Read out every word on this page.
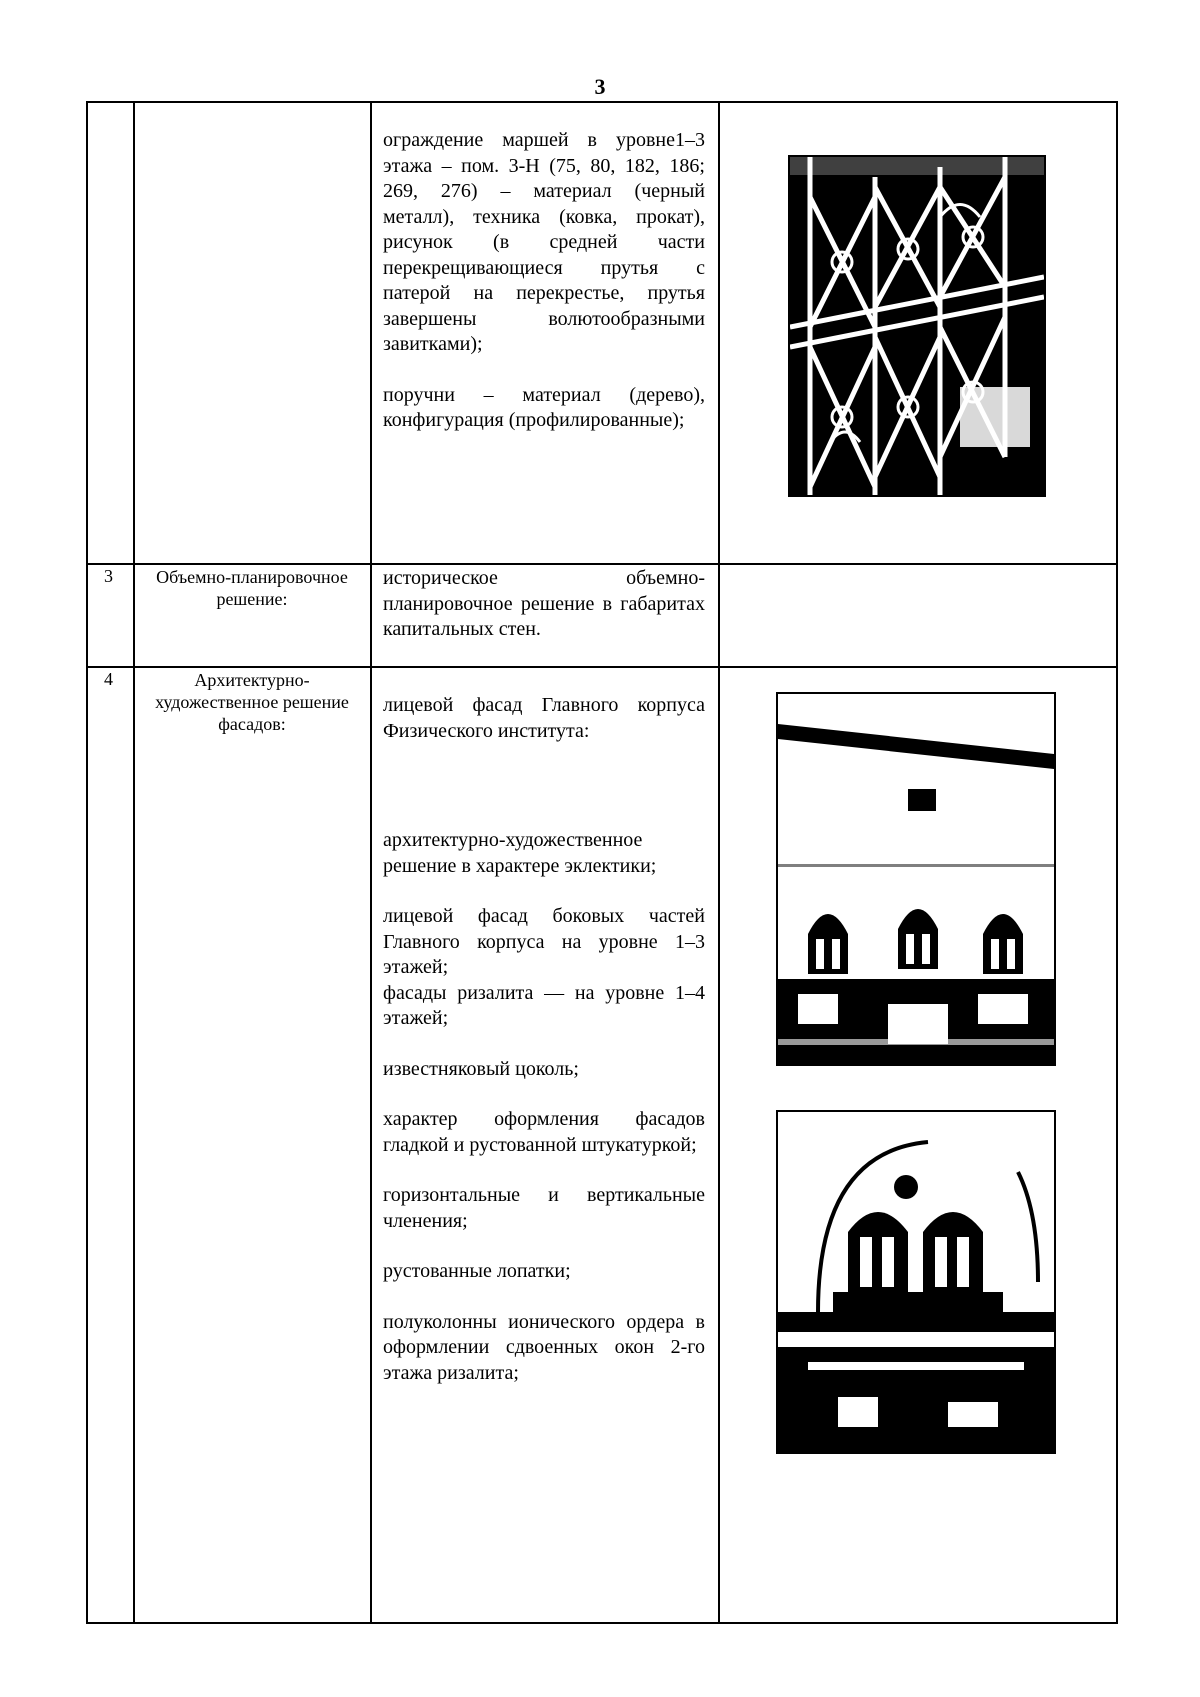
3

ограждение маршей в уровне1–3 этажа – пом. 3-Н (75, 80, 182, 186; 269, 276) – материал (черный металл), техника (ковка, прокат), рисунок (в средней части перекрещивающиеся прутья с патерой на перекрестье, прутья завершены волютообразными завитками);

поручни – материал (дерево), конфигурация (профилированные);

3	Объемно-планировочное решение:

историческое объемно-планировочное решение в габаритах капитальных стен.

4	Архитектурно-художественное решение фасадов:

лицевой фасад Главного корпуса Физического института:

архитектурно-художественное решение в характере эклектики;

лицевой фасад боковых частей Главного корпуса на уровне 1–3 этажей;

фасады ризалита — на уровне 1–4 этажей;

известняковый цоколь;

характер оформления фасадов гладкой и рустованной штукатуркой;

горизонтальные и вертикальные членения;

рустованные лопатки;

полуколонны ионического ордера в оформлении сдвоенных окон 2-го этажа ризалита;
